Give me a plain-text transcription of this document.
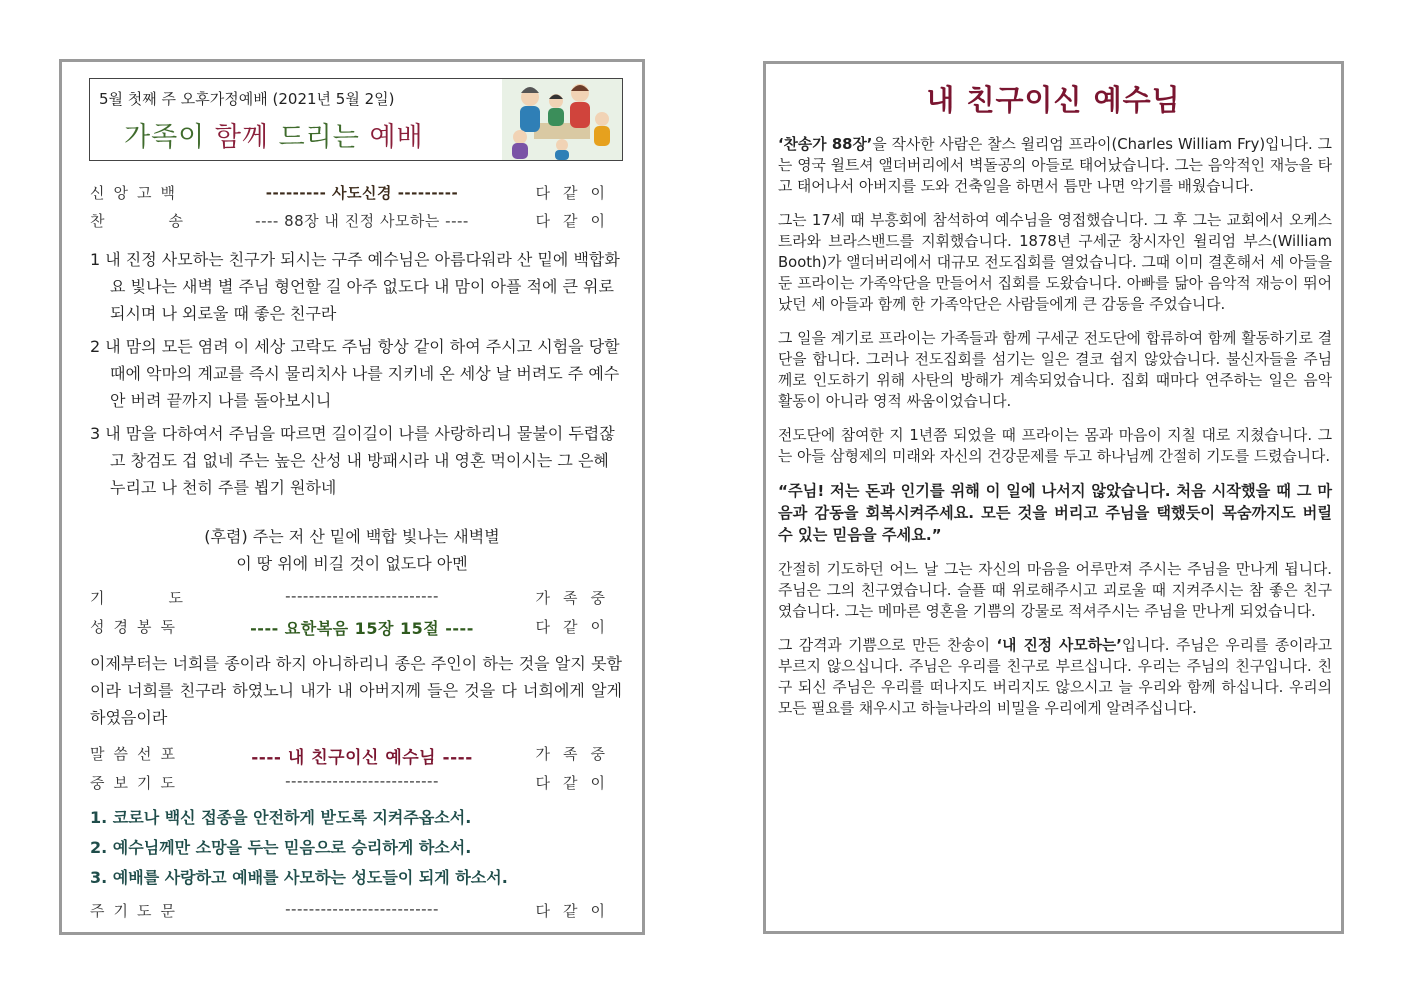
5월 첫째 주 오후가정예배 (2021년 5월 2일)
가족이 함께 드리는 예배
신앙고백	--------- 사도신경 ---------	다같이
찬    송	---- 88장 내 진정 사모하는 ----	다같이
1 내 진정 사모하는 친구가 되시는 구주 예수님은 아름다워라 산 밑에 백합화요 빛나는 새벽 별 주님 형언할 길 아주 없도다 내 맘이 아플 적에 큰 위로되시며 나 외로울 때 좋은 친구라
2 내 맘의 모든 염려 이 세상 고락도 주님 항상 같이 하여 주시고 시험을 당할 때에 악마의 계교를 즉시 물리치사 나를 지키네 온 세상 날 버려도 주 예수 안 버려 끝까지 나를 돌아보시니
3 내 맘을 다하여서 주님을 따르면 길이길이 나를 사랑하리니 물불이 두렵잖고 창검도 겁 없네 주는 높은 산성 내 방패시라 내 영혼 먹이시는 그 은혜 누리고 나 천히 주를 뵙기 원하네
(후렴) 주는 저 산 밑에 백합 빛나는 새벽별
이 땅 위에 비길 것이 없도다 아멘
기    도	--------------------------	가족중
성경봉독	---- 요한복음 15장 15절 ----	다같이
이제부터는 너희를 종이라 하지 아니하리니 종은 주인이 하는 것을 알지 못함이라 너희를 친구라 하였노니 내가 내 아버지께 들은 것을 다 너희에게 알게 하였음이라
말씀선포	---- 내 친구이신 예수님 ----	가족중
중보기도	--------------------------	다같이
1. 코로나 백신 접종을 안전하게 받도록 지켜주옵소서.
2. 예수님께만 소망을 두는 믿음으로 승리하게 하소서.
3. 예배를 사랑하고 예배를 사모하는 성도들이 되게 하소서.
주기도문	--------------------------	다같이
내 친구이신 예수님

‘찬송가 88장’을 작사한 사람은 찰스 윌리엄 프라이(Charles William Fry)입니다. 그는 영국 윌트셔 앨더버리에서 벽돌공의 아들로 태어났습니다. 그는 음악적인 재능을 타고 태어나서 아버지를 도와 건축일을 하면서 틈만 나면 악기를 배웠습니다.

그는 17세 때 부흥회에 참석하여 예수님을 영접했습니다. 그 후 그는 교회에서 오케스트라와 브라스밴드를 지휘했습니다. 1878년 구세군 창시자인 윌리엄 부스(William Booth)가 앨더버리에서 대규모 전도집회를 열었습니다. 그때 이미 결혼해서 세 아들을 둔 프라이는 가족악단을 만들어서 집회를 도왔습니다. 아빠를 닮아 음악적 재능이 뛰어났던 세 아들과 함께 한 가족악단은 사람들에게 큰 감동을 주었습니다.

그 일을 계기로 프라이는 가족들과 함께 구세군 전도단에 합류하여 함께 활동하기로 결단을 합니다. 그러나 전도집회를 섬기는 일은 결코 쉽지 않았습니다. 불신자들을 주님께로 인도하기 위해 사탄의 방해가 계속되었습니다. 집회 때마다 연주하는 일은 음악 활동이 아니라 영적 싸움이었습니다.

전도단에 참여한 지 1년쯤 되었을 때 프라이는 몸과 마음이 지칠 대로 지쳤습니다. 그는 아들 삼형제의 미래와 자신의 건강문제를 두고 하나님께 간절히 기도를 드렸습니다.

“주님! 저는 돈과 인기를 위해 이 일에 나서지 않았습니다. 처음 시작했을 때 그 마음과 감동을 회복시켜주세요. 모든 것을 버리고 주님을 택했듯이 목숨까지도 버릴 수 있는 믿음을 주세요.”

간절히 기도하던 어느 날 그는 자신의 마음을 어루만져 주시는 주님을 만나게 됩니다. 주님은 그의 친구였습니다. 슬플 때 위로해주시고 괴로울 때 지켜주시는 참 좋은 친구였습니다. 그는 메마른 영혼을 기쁨의 강물로 적셔주시는 주님을 만나게 되었습니다.

그 감격과 기쁨으로 만든 찬송이 ‘내 진정 사모하는’입니다. 주님은 우리를 종이라고 부르지 않으십니다. 주님은 우리를 친구로 부르십니다. 우리는 주님의 친구입니다. 친구 되신 주님은 우리를 떠나지도 버리지도 않으시고 늘 우리와 함께 하십니다. 우리의 모든 필요를 채우시고 하늘나라의 비밀을 우리에게 알려주십니다.
